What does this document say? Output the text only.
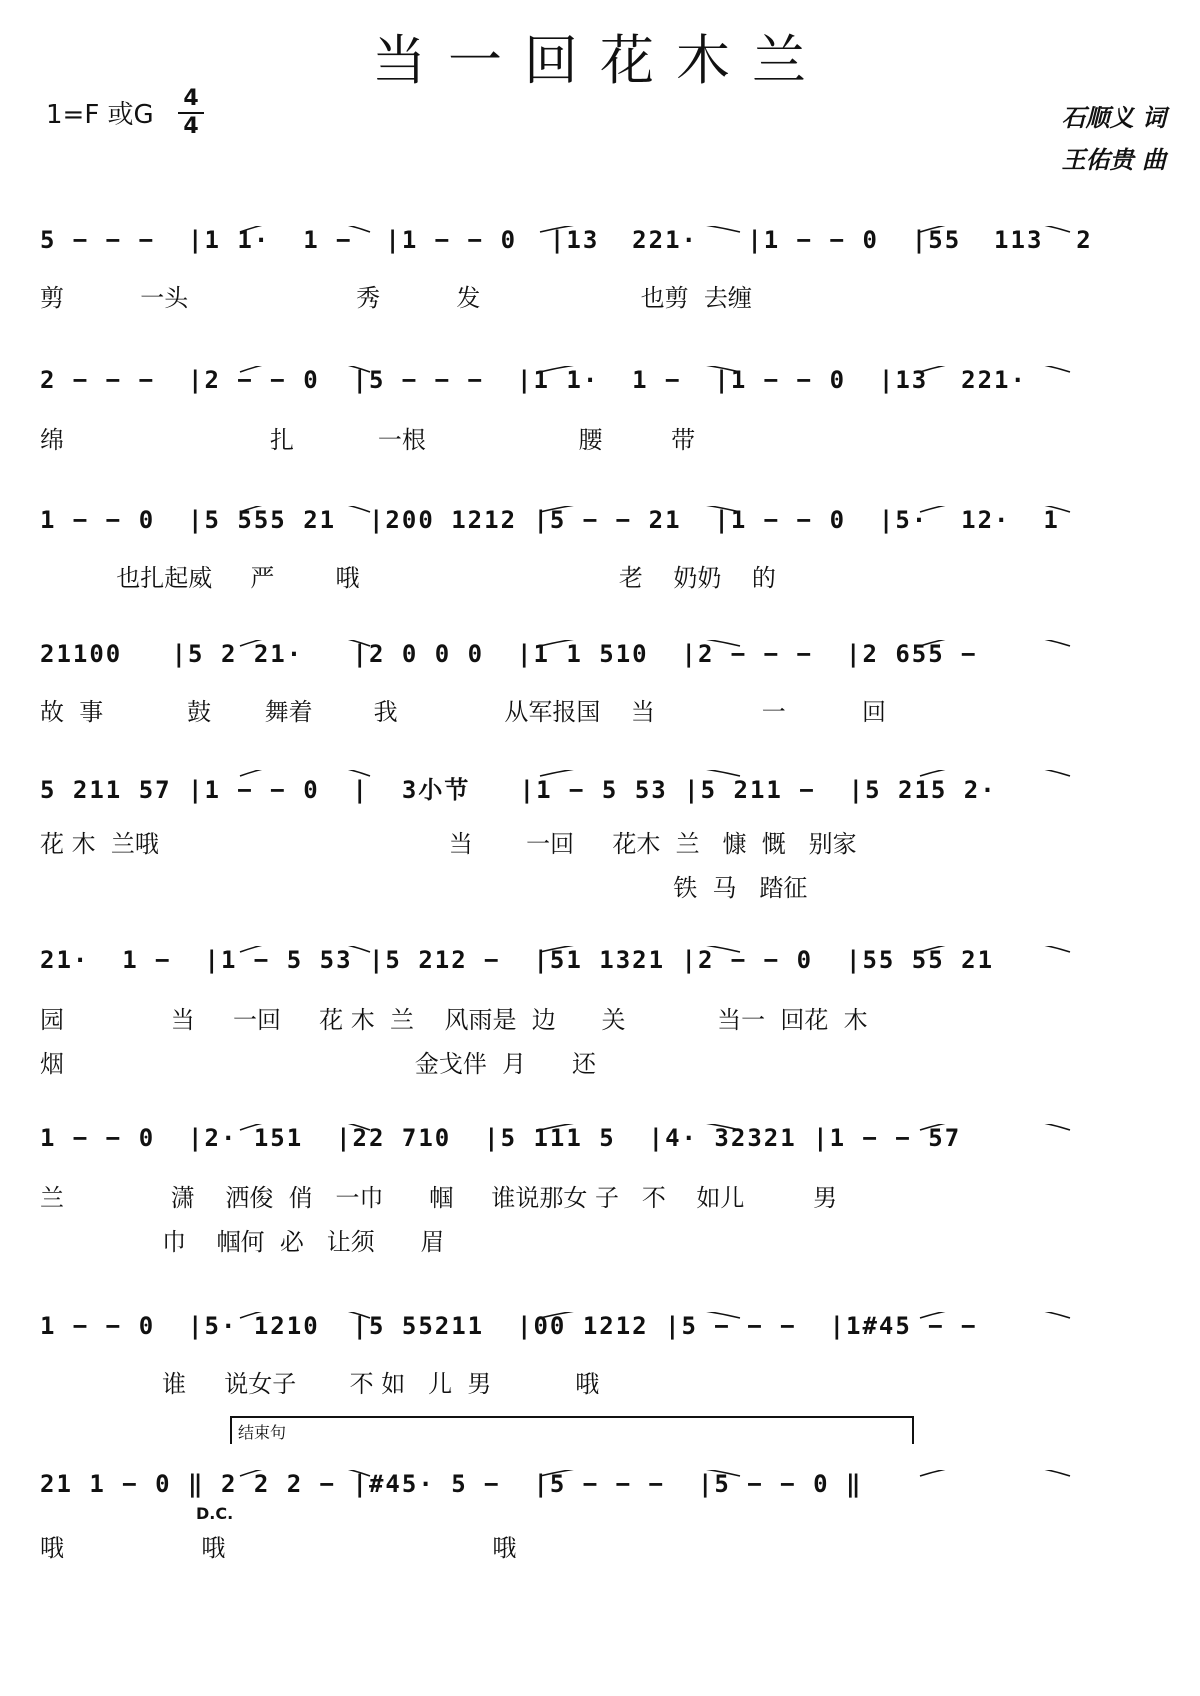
当一回花木兰
1=F 或G
4
4	石顺义 词
王佑贵 曲
5 − − −  |1 1·  1 −  |1 − − 0  |13  221·   |1 − − 0  |55  113  2
剪          一头                      秀          发                     也剪  去缠
2 − − −  |2 − − 0  |5 − − −  |1 1·  1 −  |1 − − 0  |13  221·
绵                           扎           一根                    腰         带
1 − − 0  |5 555 21  |200 1212 |5 − − 21  |1 − − 0  |5·  12·  1
也扎起威     严        哦                                  老    奶奶    的
21100   |5 2 21·   |2 0 0 0  |1 1 510  |2 − − −  |2 655 −
故  事           鼓       舞着        我              从军报国    当              一          回
5 211 57 |1 − − 0  |  3小节   |1 − 5 53 |5 211 −  |5 215 2·
花 木  兰哦                                      当       一回     花木  兰   慷  慨   别家
铁  马   踏征
21·  1 −  |1 − 5 53 |5 212 −  |51 1321 |2 − − 0  |55 55 21
园              当     一回     花 木  兰    风雨是  边      关            当一  回花  木
烟                                              金戈伴  月      还
1 − − 0  |2· 151  |22 710  |5 111 5  |4· 32321 |1 − − 57
兰              潇    洒俊  俏   一巾      帼     谁说那女 子   不    如儿         男
巾    帼何  必   让须      眉
1 − − 0  |5· 1210  |5 55211  |00 1212 |5 − − −  |1#45 − −
谁     说女子       不 如   儿  男           哦
21 1 − 0 ‖ 2 2 2 − |#45· 5 −  |5 − − −  |5 − − 0 ‖
哦                  哦                                   哦
结束句
D.C.
